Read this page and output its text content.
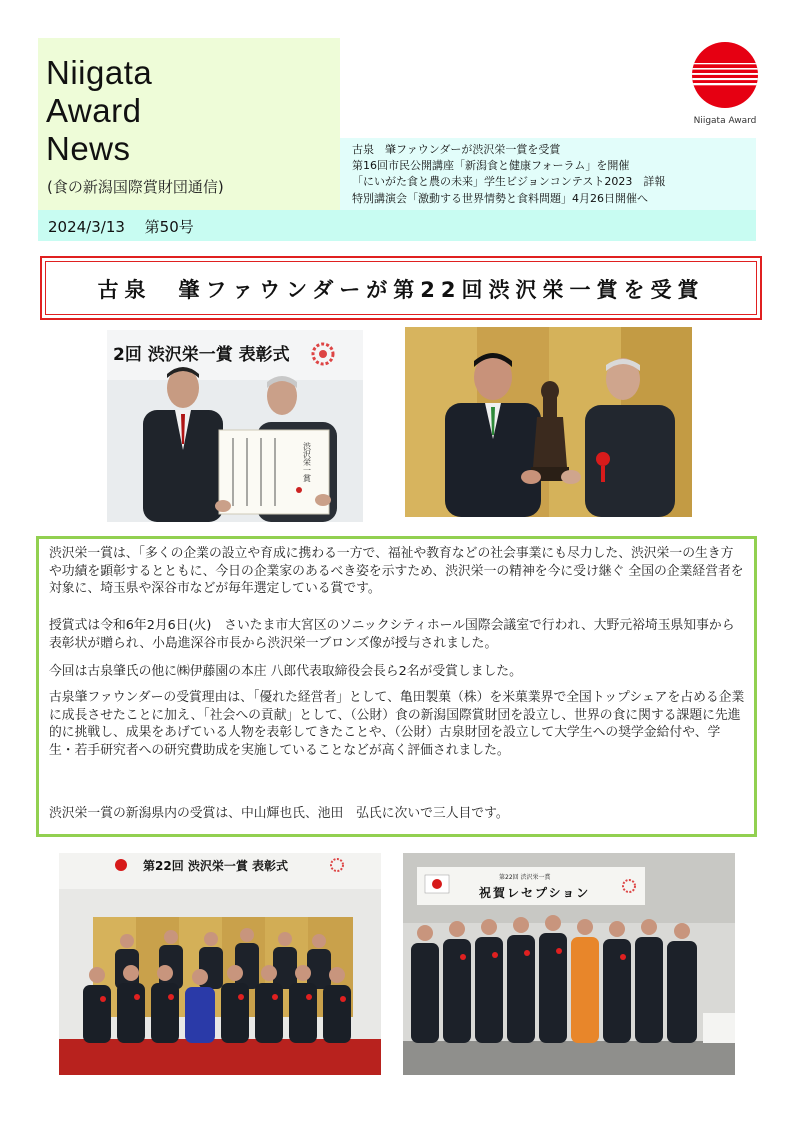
Niigata
Award
News
(食の新潟国際賞財団通信)
古泉　肇ファウンダーが渋沢栄一賞を受賞
第16回市民公開講座「新潟食と健康フォーラム」を開催
「にいがた食と農の未来」学生ビジョンコンテスト2023　詳報
特別講演会「激動する世界情勢と食料問題」4月26日開催へ
2024/3/13　 第50号
Niigata Award
古泉　肇ファウンダーが第22回渋沢栄一賞を受賞
2回 渋沢栄一賞 表彰式
渋沢栄一賞

渋沢栄一賞は、「多くの企業の設立や育成に携わる一方で、福祉や教育などの社会事業にも尽力した、渋沢栄一の生き方や功績を顕彰するとともに、今日の企業家のあるべき姿を示すため、渋沢栄一の精神を今に受け継ぐ 全国の企業経営者を対象に、埼玉県や深谷市などが毎年選定している賞です。

授賞式は令和6年2月6日(火)　さいたま市大宮区のソニックシティホール国際会議室で行われ、大野元裕埼玉県知事から表彰状が贈られ、小島進深谷市長から渋沢栄一ブロンズ像が授与されました。

今回は古泉肇氏の他に㈱伊藤園の本庄 八郎代表取締役会長ら2名が受賞しました。

古泉肇ファウンダーの受賞理由は、「優れた経営者」として、亀田製菓（株）を米菓業界で全国トップシェアを占める企業に成長させたことに加え、「社会への貢献」として、（公財）食の新潟国際賞財団を設立し、世界の食に関する課題に先進的に挑戦し、成果をあげている人物を表彰してきたことや、（公財）古泉財団を設立して大学生への奨学金給付や、学生・若手研究者への研究費助成を実施していることなどが高く評価されました。

渋沢栄一賞の新潟県内の受賞は、中山輝也氏、池田　弘氏に次いで三人目です。

第22回 渋沢栄一賞 表彰式
第22回 渋沢栄一賞
祝賀レセプション
